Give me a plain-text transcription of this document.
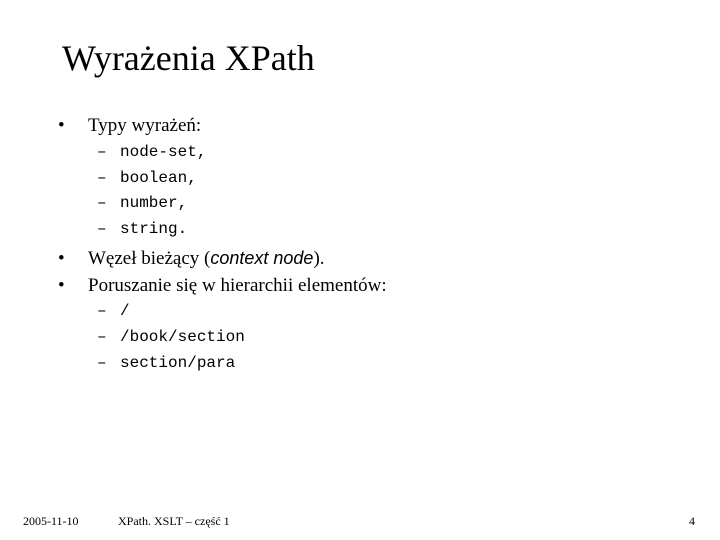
Wyrażenia XPath
• Typy wyrażeń:
– node-set,
– boolean,
– number,
– string.
• Węzeł bieżący (context node).
• Poruszanie się w hierarchii elementów:
– /
– /book/section
– section/para
2005-11-10	XPath. XSLT – część 1	4
